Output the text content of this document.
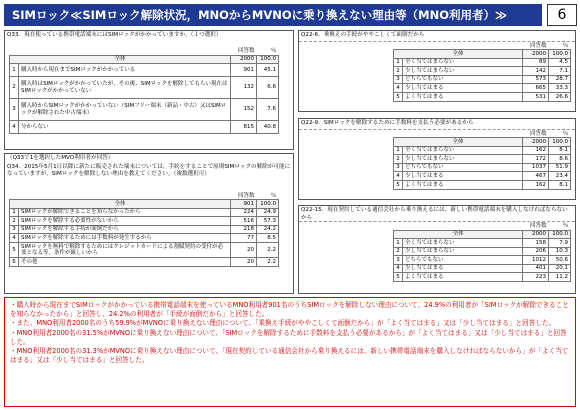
SIMロック≪SIMロック解除状況，MNOからMVNOに乗り換えない理由等（MNO利用者）≫	6
Q33．現在使っている携帯電話端末にはSIMロックがかかっていますか。（１つ選択）
		回答数	％
全体		2000	100.0
1	購入時から現在までSIMロックがかかっている	901	45.1
2	購入時はSIMロックがかかっていたが、その後、SIMロックを解除してもらい現在はSIMロックがかかっていない	132	6.6
3	購入時からSIMロックがかかっていない（SIMフリー端末（新品・中古）又はSIMロックが解除された中古端末）	152	7.6
4	分からない	815	40.8
（Q33で1を選択したMVO利用者が回答）
Q34．2015年5月1日以降に新たに販売された端末については，手続をすることで原則SIMロックの解除が可能になっていますが，SIMロックを解除しない理由を教えてください。（複数選択可）
		回答数	％
全体		901	100.0
1	SIMロックが解除できることを知らなかったから	224	24.9
2	SIMロックを解除する必要性がないから	516	57.3
3	SIMロックを解除する手続が面倒だから	218	24.2
4	SIMロックを解除するためには手数料が発生するから	77	8.5
5	SIMロックを無料で解除するためにはクレジットカードによる割賦契約の受付が必要となる等、条件が厳しいから	20	2.2
6	その他	20	2.2
Q22-6．乗換えの手続がややこしくて面倒だから
		回答数	％
全体		2000	100.0
1	全く当てはまらない	89	4.5
2	少し当てはまらない	142	7.1
3	どちらでもない	573	28.7
4	少し当てはまる	665	33.3
5	よく当てはまる	531	26.6
Q22-9．SIMロックを解除するために手数料を支払う必要があるから
		回答数	％
全体		2000	100.0
1	全く当てはまらない	162	8.1
2	少し当てはまらない	172	8.6
3	どちらでもない	1037	51.9
4	少し当てはまる	467	23.4
5	よく当てはまる	162	8.1
Q22-15．現在契約している通信会社から乗り換えるには，新しい携帯電話端末を購入しなければならないから
		回答数	％
全体		2000	100.0
1	全く当てはまらない	158	7.9
2	少し当てはまらない	206	10.3
3	どちらでもない	1012	50.6
4	少し当てはまる	401	20.1
5	よく当てはまる	223	11.2

・購入時から現在までSIMロックがかかっている携帯電話端末を使っているMNO利用者901名のうちSIMロックを解除しない理由について、24.9%の利用者が「SIMロックが解除できることを知らなかったから」と回答し、24.2%の利用者が「手続が面倒だから」と回答した。

・また、MNO利用者2000名のうち59.9%がMVNOに乗り換えない理由について、「乗換え手続がややこしくて面倒だから」が「よく当てはまる」又は「少し当てはまる」と回答した。

・MNO利用者2000名の31.5%がMVNOに乗り換えない理由について、「SIMロックを解除するために手数料を支払う必要があるから」が「よく当てはまる」又は「少し当てはまる」と回答した。

・MNO利用者2000名の31.3%がMVNOに乗り換えない理由について、「現在契約している通信会社から乗り換えるには、新しい携帯電話端末を購入しなければならないから」が「よく当てはまる」又は「少し当てはまる」と回答した。
